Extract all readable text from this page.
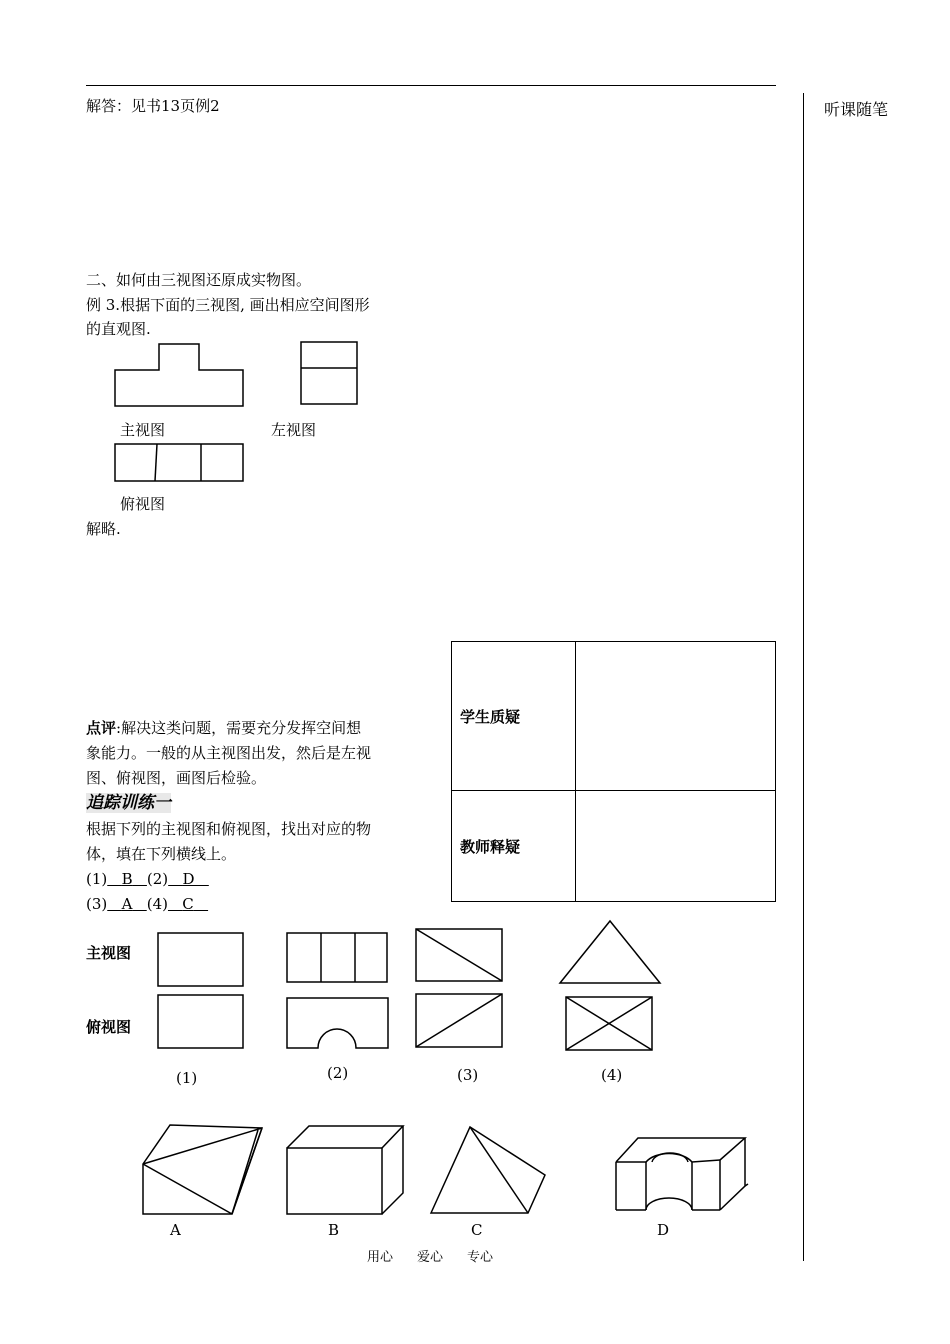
听课随笔
解答：见书13页例2
二、如何由三视图还原成实物图。
例 3.根据下面的三视图, 画出相应空间图形
的直观图.
主视图	左视图
俯视图
解略.
点评:解决这类问题，需要充分发挥空间想
象能力。一般的从主视图出发，然后是左视
图、俯视图，画图后检验。
追踪训练一
根据下列的主视图和俯视图，找出对应的物
体，填在下列横线上。
(1) B (2) D
(3) A (4) C
学生质疑	
教师释疑	
主视图
俯视图
(1)	(2)	(3)	(4)
A	B	C	D
用心 爱心 专心
